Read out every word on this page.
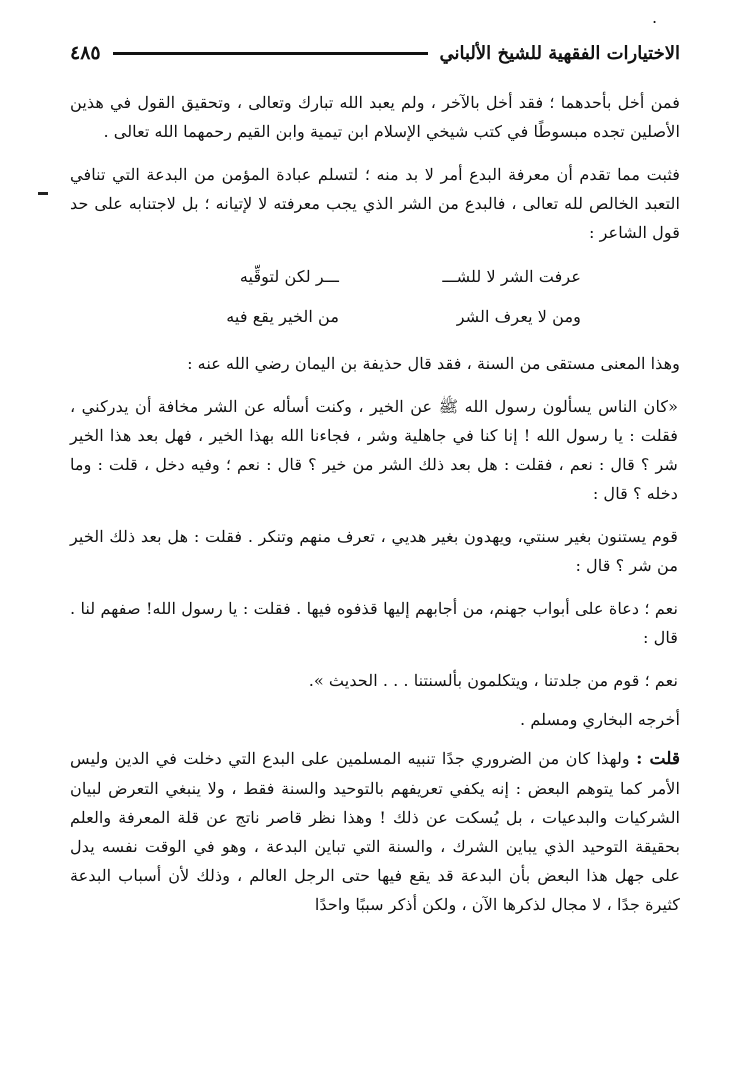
.
الاختيارات الفقهية للشيخ الألباني
٤٨٥

فمن أخل بأحدهما ؛ فقد أخل بالآخر ، ولم يعبد الله تبارك وتعالى ، وتحقيق القول في هذين الأصلين تجده مبسوطًا في كتب شيخي الإسلام ابن تيمية وابن القيم رحمهما الله تعالى .

فثبت مما تقدم أن معرفة البدع أمر لا بد منه ؛ لتسلم عبادة المؤمن من البدعة التي تنافي التعبد الخالص لله تعالى ، فالبدع من الشر الذي يجب معرفته لا لإتيانه ؛ بل لاجتنابه على حد قول الشاعر :

عرفت الشر لا للشـــ
ـــر لكن لتوقِّيه
ومن لا يعرف الشر
من الخير يقع فيه

وهذا المعنى مستقى من السنة ، فقد قال حذيفة بن اليمان رضي الله عنه :

«كان الناس يسألون رسول الله ﷺ عن الخير ، وكنت أسأله عن الشر مخافة أن يدركني ، فقلت : يا رسول الله ! إنا كنا في جاهلية وشر ، فجاءنا الله بهذا الخير ، فهل بعد هذا الخير شر ؟ قال : نعم ، فقلت : هل بعد ذلك الشر من خير ؟ قال : نعم ؛ وفيه دخل ، قلت : وما دخله ؟ قال :

قوم يستنون بغير سنتي، ويهدون بغير هديي ، تعرف منهم وتنكر . فقلت : هل بعد ذلك الخير من شر ؟ قال :

نعم ؛ دعاة على أبواب جهنم، من أجابهم إليها قذفوه فيها . فقلت : يا رسول الله! صفهم لنا . قال :

نعم ؛ قوم من جلدتنا ، ويتكلمون بألسنتنا . . . الحديث ».

أخرجه البخاري ومسلم .

قلت : ولهذا كان من الضروري جدًا تنبيه المسلمين على البدع التي دخلت في الدين وليس الأمر كما يتوهم البعض : إنه يكفي تعريفهم بالتوحيد والسنة فقط ، ولا ينبغي التعرض لبيان الشركيات والبدعيات ، بل يُسكت عن ذلك ! وهذا نظر قاصر ناتج عن قلة المعرفة والعلم بحقيقة التوحيد الذي يباين الشرك ، والسنة التي تباين البدعة ، وهو في الوقت نفسه يدل على جهل هذا البعض بأن البدعة قد يقع فيها حتى الرجل العالم ، وذلك لأن أسباب البدعة كثيرة جدًا ، لا مجال لذكرها الآن ، ولكن أذكر سببًا واحدًا
